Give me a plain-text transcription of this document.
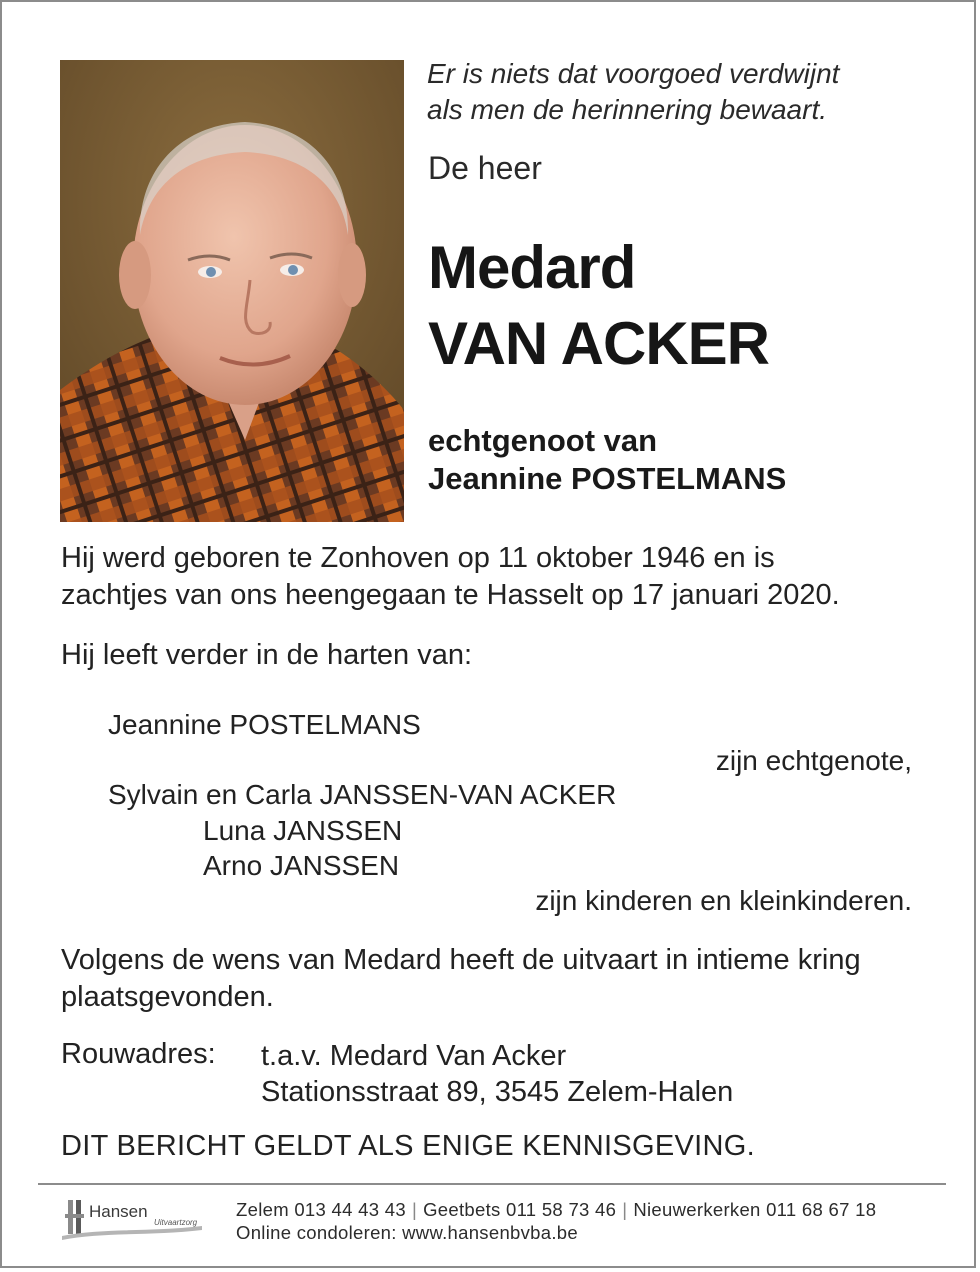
Er is niets dat voorgoed verdwijnt
als men de herinnering bewaart.
De heer
Medard
VAN ACKER
echtgenoot van
Jeannine POSTELMANS
Hij werd geboren te Zonhoven op 11 oktober 1946 en is
zachtjes van ons heengegaan te Hasselt op 17 januari 2020.
Hij leeft verder in de harten van:
Jeannine POSTELMANS
zijn echtgenote,
Sylvain en Carla JANSSEN-VAN ACKER
Luna JANSSEN
Arno JANSSEN
zijn kinderen en kleinkinderen.
Volgens de wens van Medard heeft de uitvaart in intieme kring
plaatsgevonden.
Rouwadres: t.a.v. Medard Van Acker
Stationsstraat 89, 3545 Zelem-Halen
DIT BERICHT GELDT ALS ENIGE KENNISGEVING.
Hansen
Uitvaartzorg
Zelem 013 44 43 43 | Geetbets 011 58 73 46 | Nieuwerkerken 011 68 67 18
Online condoleren: www.hansenbvba.be
